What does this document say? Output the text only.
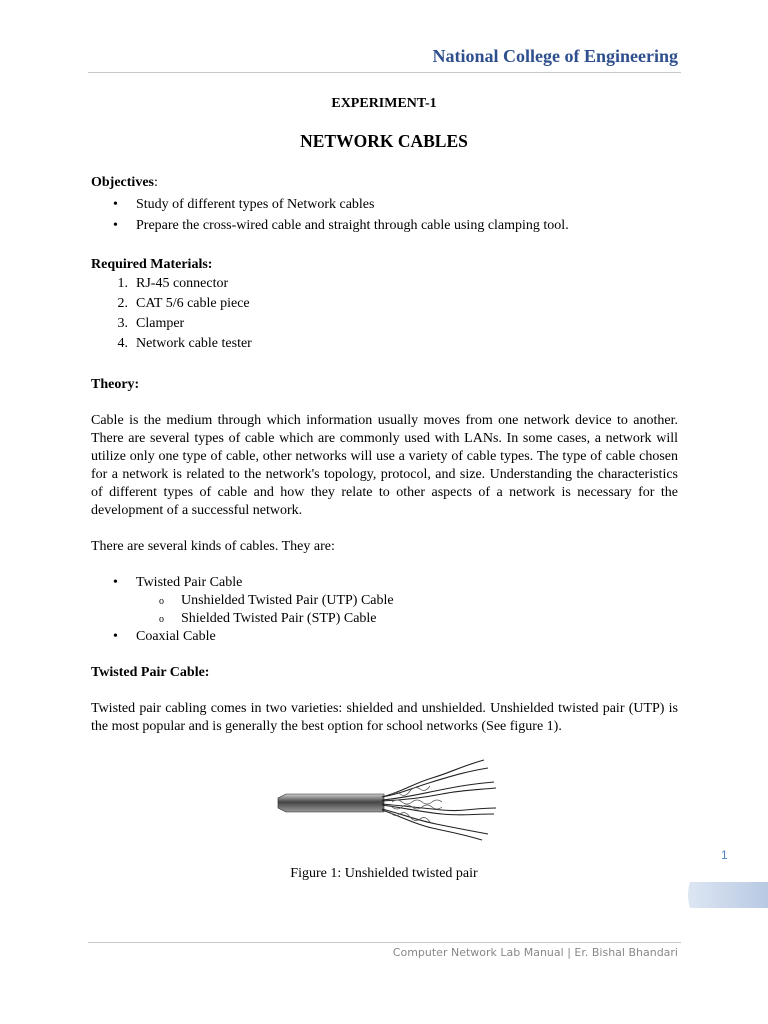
National College of Engineering
EXPERIMENT-1
NETWORK CABLES

Objectives:

• Study of different types of Network cables
• Prepare the cross-wired cable and straight through cable using clamping tool.

Required Materials:

1. RJ-45 connector
2. CAT 5/6 cable piece
3. Clamper
4. Network cable tester

Theory:

Cable is the medium through which information usually moves from one network device to another. There are several types of cable which are commonly used with LANs. In some cases, a network will utilize only one type of cable, other networks will use a variety of cable types. The type of cable chosen for a network is related to the network's topology, protocol, and size. Understanding the characteristics of different types of cable and how they relate to other aspects of a network is necessary for the development of a successful network.

There are several kinds of cables. They are:

• Twisted Pair Cable
o Unshielded Twisted Pair (UTP) Cable
o Shielded Twisted Pair (STP) Cable
• Coaxial Cable

Twisted Pair Cable:

Twisted pair cabling comes in two varieties: shielded and unshielded. Unshielded twisted pair (UTP) is the most popular and is generally the best option for school networks (See figure 1).

Figure 1: Unshielded twisted pair
1
Computer Network Lab Manual | Er. Bishal Bhandari
